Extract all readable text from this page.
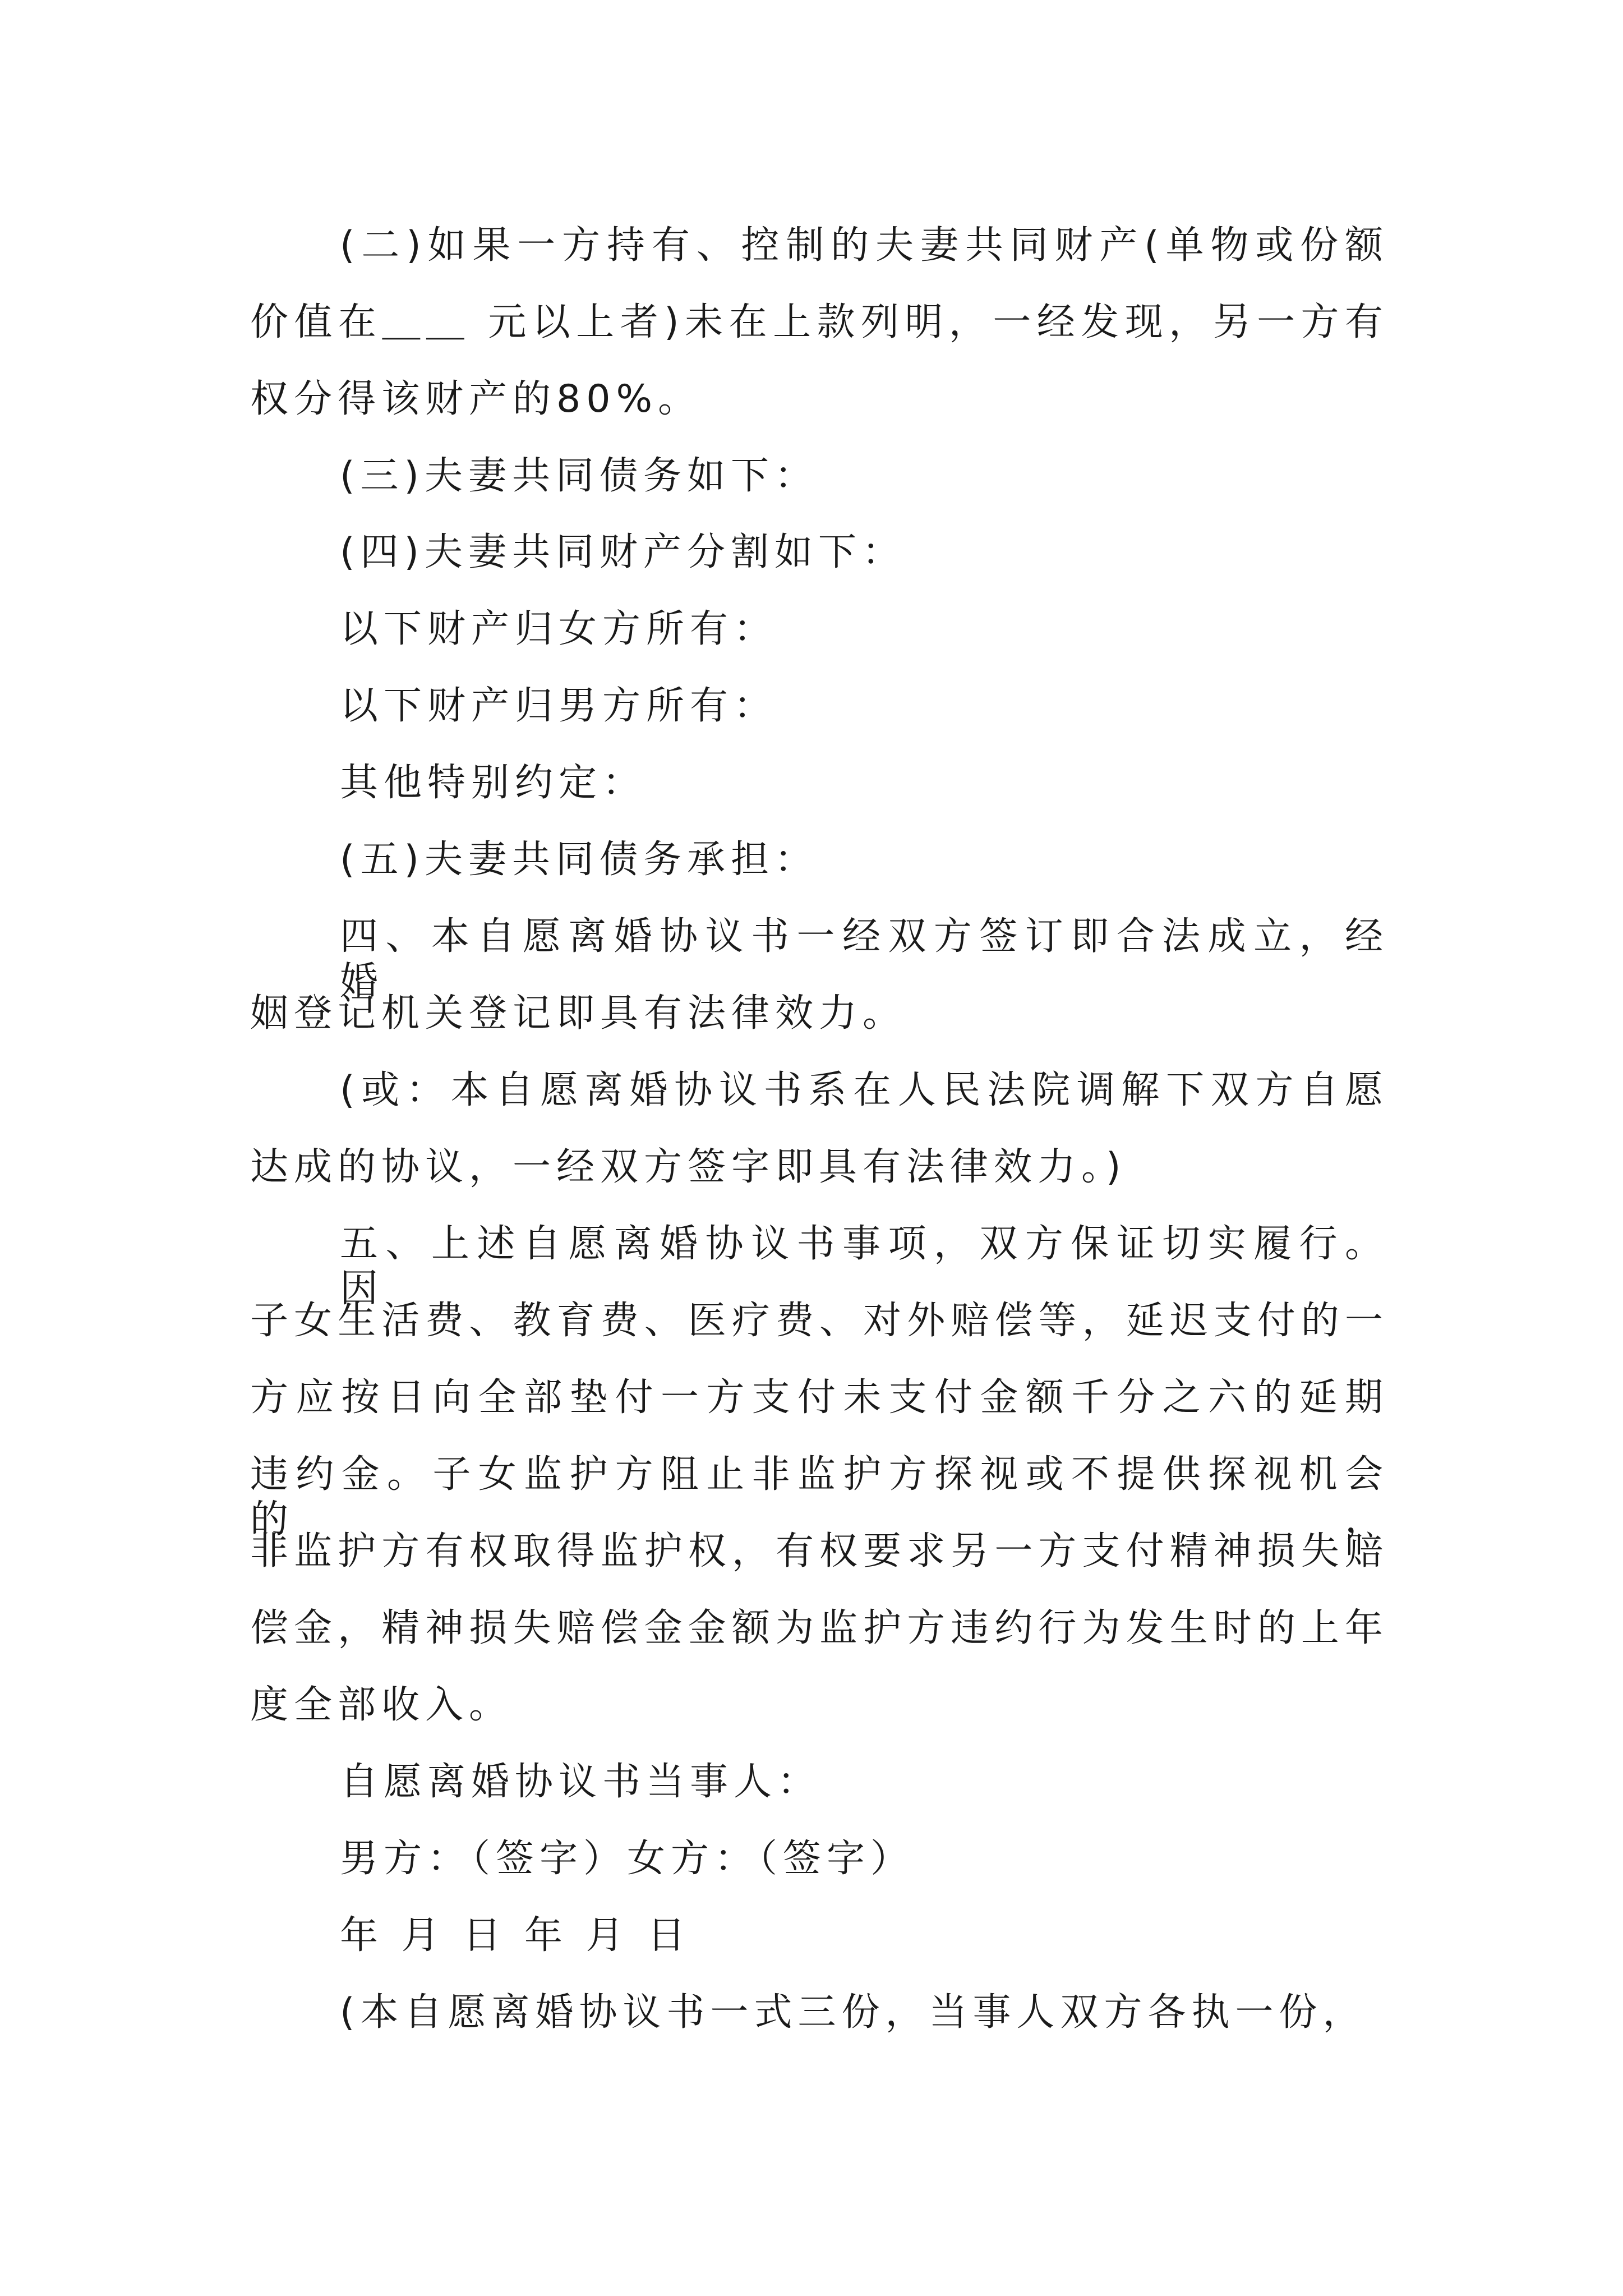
(二)如果一方持有、控制的夫妻共同财产(单物或份额
价值在＿＿ 元以上者)未在上款列明，一经发现，另一方有
权分得该财产的80%。
(三)夫妻共同债务如下：
(四)夫妻共同财产分割如下：
以下财产归女方所有：
以下财产归男方所有：
其他特别约定：
(五)夫妻共同债务承担：
四、本自愿离婚协议书一经双方签订即合法成立，经婚
姻登记机关登记即具有法律效力。
(或：本自愿离婚协议书系在人民法院调解下双方自愿
达成的协议，一经双方签字即具有法律效力。)
五、上述自愿离婚协议书事项，双方保证切实履行。因
子女生活费、教育费、医疗费、对外赔偿等，延迟支付的一
方应按日向全部垫付一方支付未支付金额千分之六的延期
违约金。子女监护方阻止非监护方探视或不提供探视机会的，
非监护方有权取得监护权，有权要求另一方支付精神损失赔
偿金，精神损失赔偿金金额为监护方违约行为发生时的上年
度全部收入。
自愿离婚协议书当事人：
男方：（签字）女方：（签字）
年 月 日 年 月 日
(本自愿离婚协议书一式三份，当事人双方各执一份，
